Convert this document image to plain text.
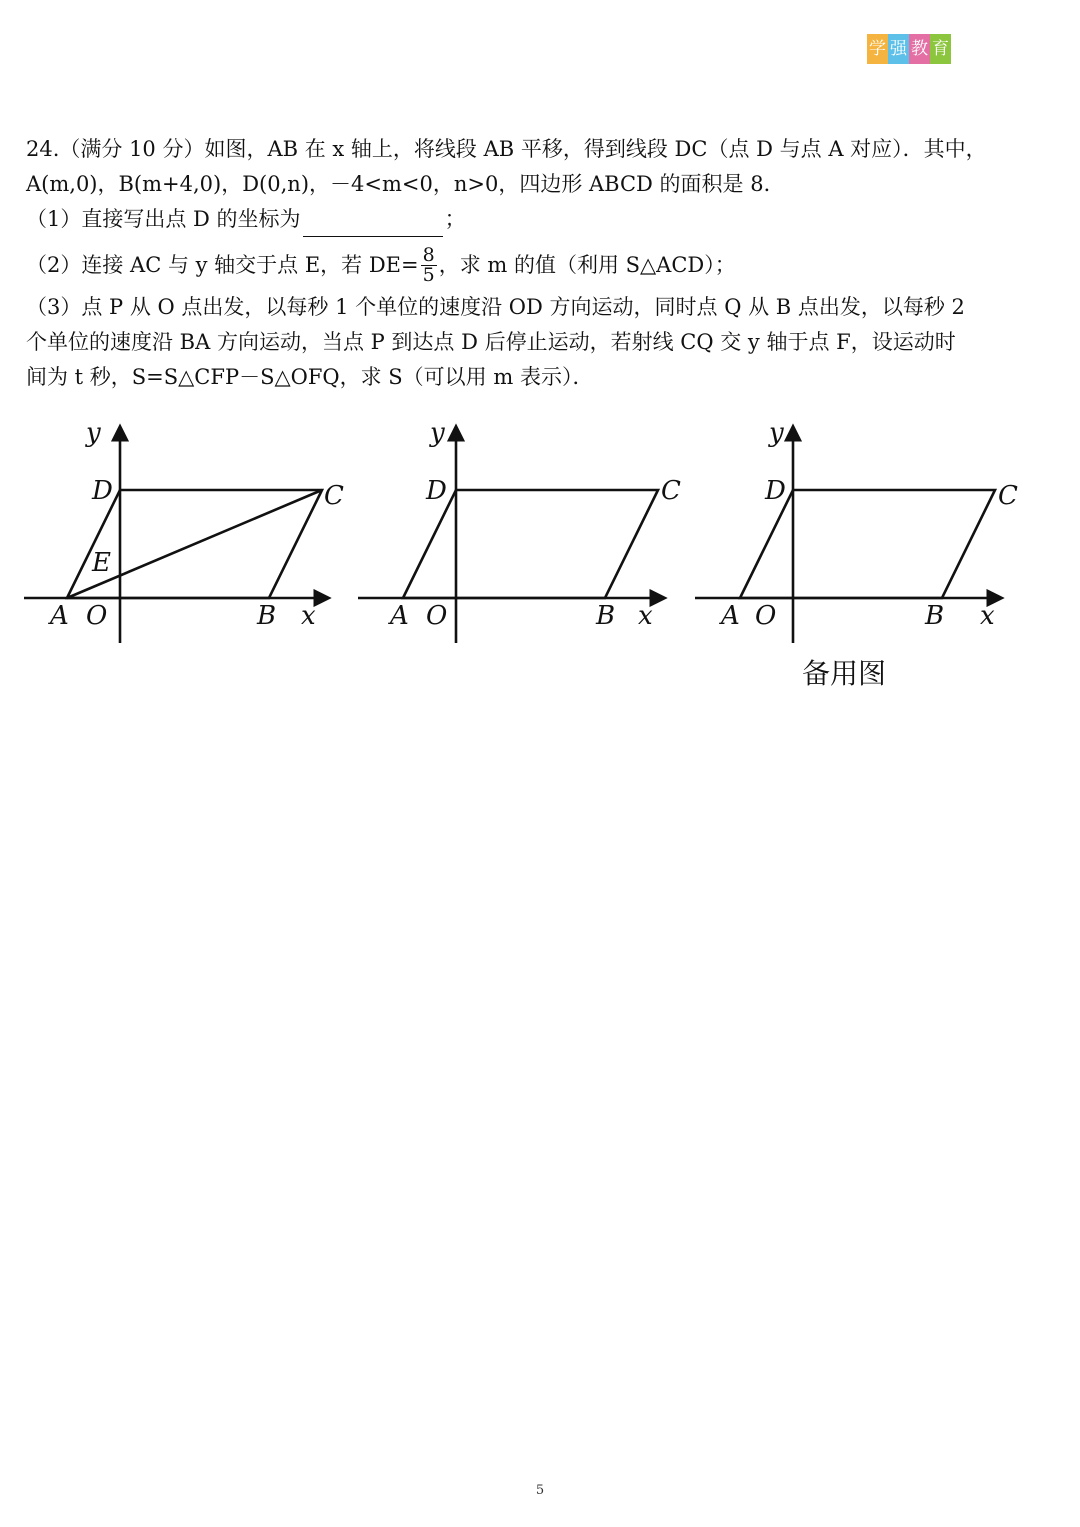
学 强 教 育

24.（满分 10 分）如图，AB 在 x 轴上，将线段 AB 平移，得到线段 DC（点 D 与点 A 对应）．其中，

A(m,0)，B(m+4,0)，D(0,n)，－4<m<0，n>0，四边形 ABCD 的面积是 8．

（1）直接写出点 D 的坐标为	；

（2）连接 AC 与 y 轴交于点 E，若 $DE= \frac{8}{5}$ ，求 m 的值（利用 S△ACD）；

（3）点 P 从 O 点出发，以每秒 1 个单位的速度沿 OD 方向运动，同时点 Q 从 B 点出发，以每秒 2

个单位的速度沿 BA 方向运动，当点 P 到达点 D 后停止运动，若射线 CQ 交 y 轴于点 F，设运动时

间为 t 秒，S=S△CFP－S△OFQ，求 S（可以用 m 表示）．

y
D	C
E
A O	B x
y
D	C
A O	B x
y
D	C
A O	B x
备用图
5
